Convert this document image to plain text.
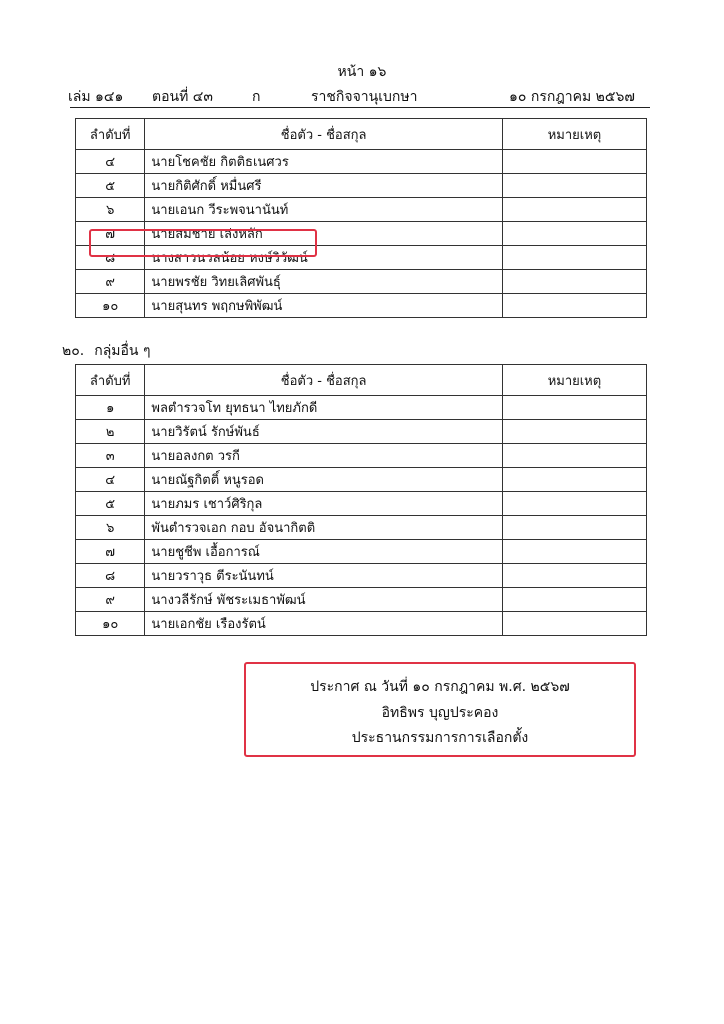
หน้า ๑๖
เล่ม ๑๔๑ ตอนที่ ๔๓	ก	ราชกิจจานุเบกษา	๑๐ กรกฎาคม ๒๕๖๗
ลำดับที่	ชื่อตัว - ชื่อสกุล	หมายเหตุ
๔	นายโชคชัย กิตติธเนศวร	
๕	นายกิติศักดิ์ หมื่นศรี	
๖	นายเอนก วีระพจนานันท์	
๗	นายสมชาย เล่งหลัก	
๘	นางสาวนวลน้อย หงษ์วิวัฒน์	
๙	นายพรชัย วิทยเลิศพันธุ์	
๑๐	นายสุนทร พฤกษพิพัฒน์	
๒๐. กลุ่มอื่น ๆ
ลำดับที่	ชื่อตัว - ชื่อสกุล	หมายเหตุ
๑	พลตำรวจโท ยุทธนา ไทยภักดี	
๒	นายวิรัตน์ รักษ์พันธ์	
๓	นายอลงกต วรกี	
๔	นายณัฐกิตติ์ หนูรอด	
๕	นายภมร เชาว์ศิริกุล	
๖	พันตำรวจเอก กอบ อัจนากิตติ	
๗	นายชูชีพ เอื้อการณ์	
๘	นายวราวุธ ตีระนันทน์	
๙	นางวลีรักษ์ พัชระเมธาพัฒน์	
๑๐	นายเอกชัย เรืองรัตน์	
ประกาศ ณ วันที่ ๑๐ กรกฎาคม พ.ศ. ๒๕๖๗
อิทธิพร บุญประคอง
ประธานกรรมการการเลือกตั้ง
